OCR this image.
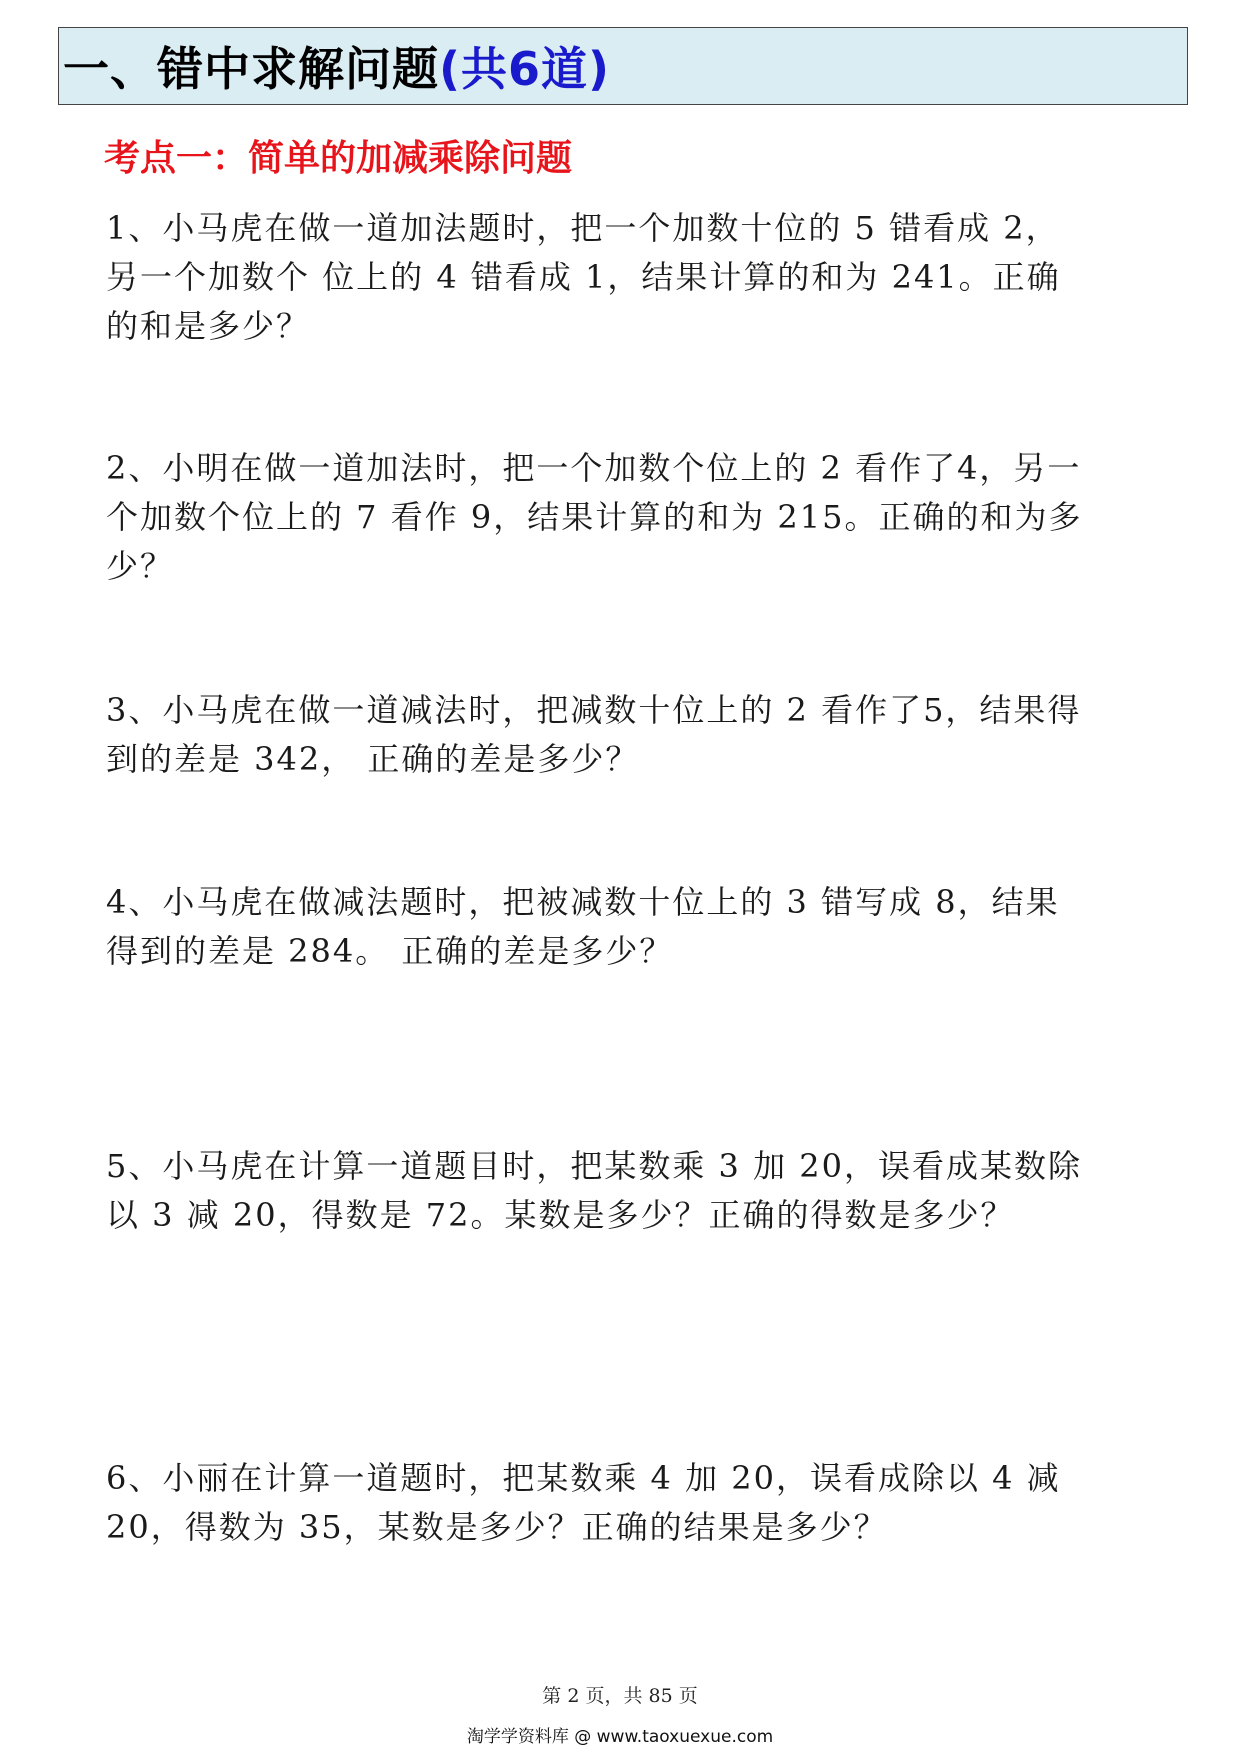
一、错中求解问题 (共6道)
考点一：简单的加减乘除问题

1、小马虎在做一道加法题时，把一个加数十位的 5 错看成 2，另一个加数个 位上的 4 错看成 1，结果计算的和为 241。正确的和是多少？

2、小明在做一道加法时，把一个加数个位上的 2 看作了4，另一个加数个位上的 7 看作 9，结果计算的和为 215。正确的和为多少？

3、小马虎在做一道减法时，把减数十位上的 2 看作了5，结果得到的差是 342， 正确的差是多少？

4、小马虎在做减法题时，把被减数十位上的 3 错写成 8，结果得到的差是 284。 正确的差是多少？

5、小马虎在计算一道题目时，把某数乘 3 加 20，误看成某数除以 3 减 20，得数是 72。某数是多少？正确的得数是多少？

6、小丽在计算一道题时，把某数乘 4 加 20，误看成除以 4 减 20，得数为 35，某数是多少？正确的结果是多少？

第 2 页，共 85 页
淘学学资料库 @ www.taoxuexue.com
